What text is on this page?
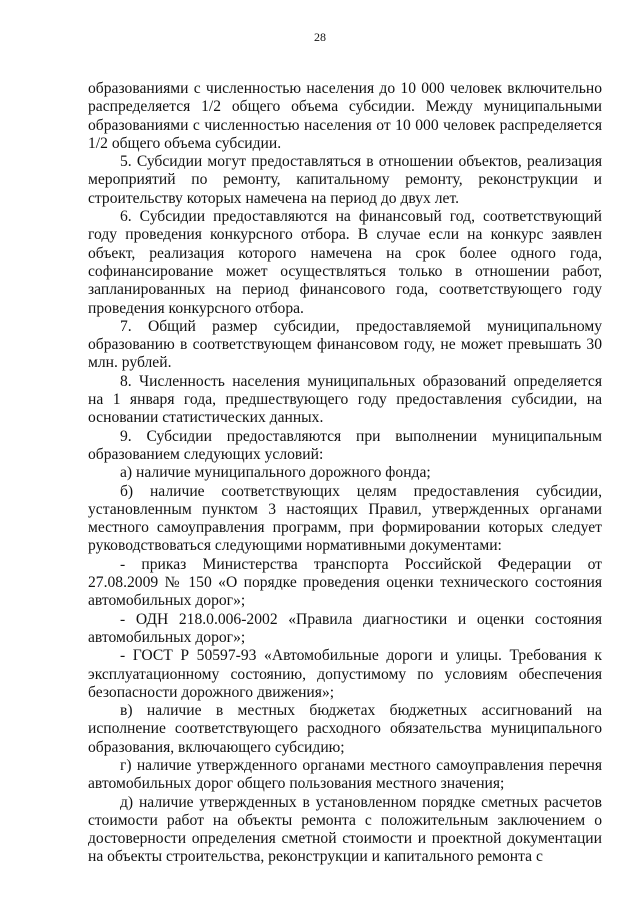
28

образованиями с численностью населения до 10 000 человек включительно распределяется 1/2 общего объема субсидии. Между муниципальными образованиями с численностью населения от 10 000 человек распределяется 1/2 общего объема субсидии.

5. Субсидии могут предоставляться в отношении объектов, реализация мероприятий по ремонту, капитальному ремонту, реконструкции и строительству которых намечена на период до двух лет.

6. Субсидии предоставляются на финансовый год, соответствующий году проведения конкурсного отбора. В случае если на конкурс заявлен объект, реализация которого намечена на срок более одного года, софинансирование может осуществляться только в отношении работ, запланированных на период финансового года, соответствующего году проведения конкурсного отбора.

7. Общий размер субсидии, предоставляемой муниципальному образованию в соответствующем финансовом году, не может превышать 30 млн. рублей.

8. Численность населения муниципальных образований определяется на 1 января года, предшествующего году предоставления субсидии, на основании статистических данных.

9. Субсидии предоставляются при выполнении муниципальным образованием следующих условий:

а) наличие муниципального дорожного фонда;

б) наличие соответствующих целям предоставления субсидии, установленным пунктом 3 настоящих Правил, утвержденных органами местного самоуправления программ, при формировании которых следует руководствоваться следующими нормативными документами:

- приказ Министерства транспорта Российской Федерации от 27.08.2009 № 150 «О порядке проведения оценки технического состояния автомобильных дорог»;

- ОДН 218.0.006-2002 «Правила диагностики и оценки состояния автомобильных дорог»;

- ГОСТ Р 50597-93 «Автомобильные дороги и улицы. Требования к эксплуатационному состоянию, допустимому по условиям обеспечения безопасности дорожного движения»;

в) наличие в местных бюджетах бюджетных ассигнований на исполнение соответствующего расходного обязательства муниципального образования, включающего субсидию;

г) наличие утвержденного органами местного самоуправления перечня автомобильных дорог общего пользования местного значения;

д) наличие утвержденных в установленном порядке сметных расчетов стоимости работ на объекты ремонта с положительным заключением о достоверности определения сметной стоимости и проектной документации на объекты строительства, реконструкции и капитального ремонта с
